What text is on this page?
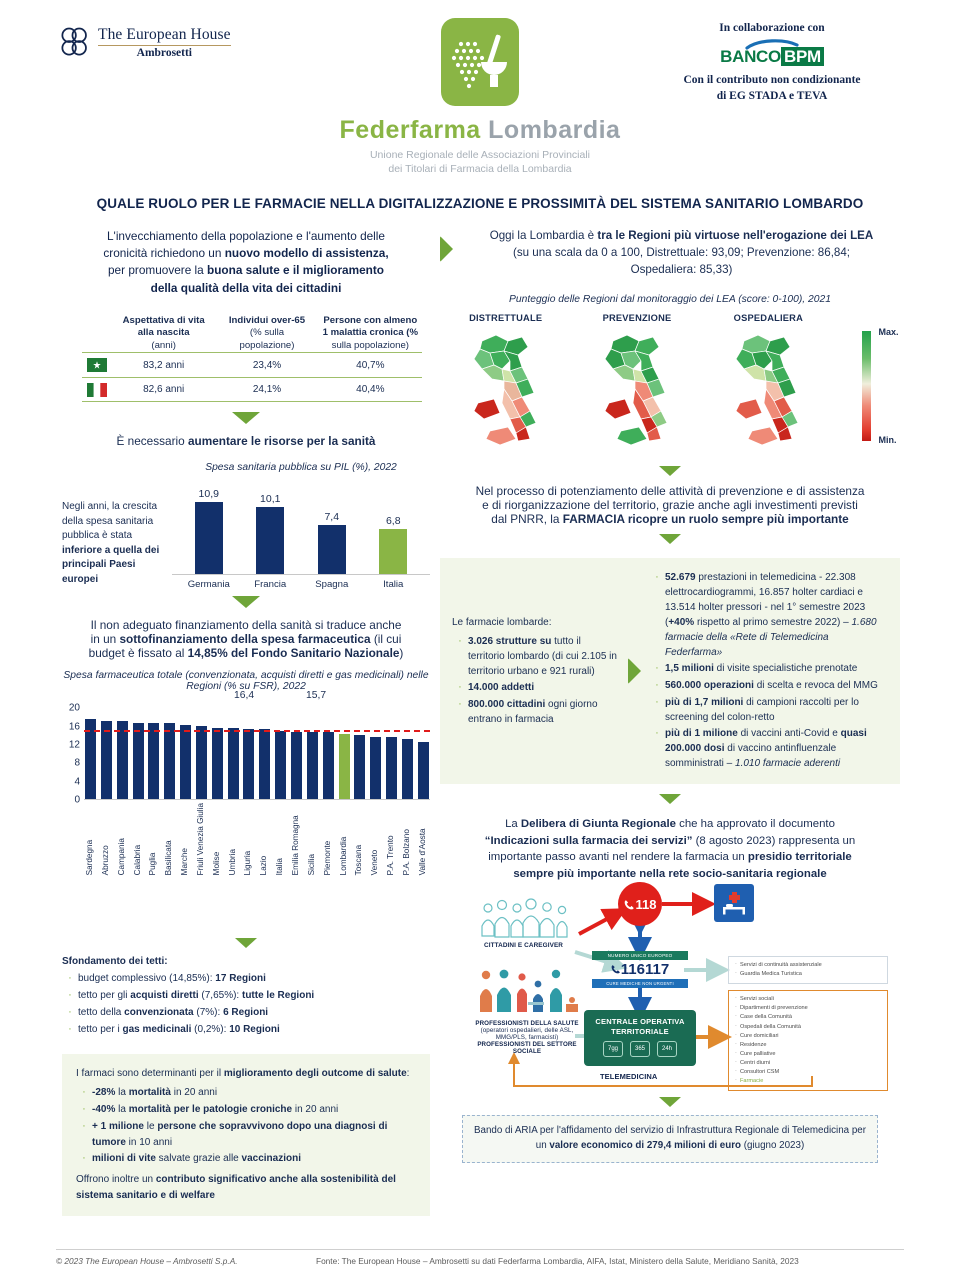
The European House
Ambrosetti
Federfarma Lombardia
Unione Regionale delle Associazioni Provinciali
dei Titolari di Farmacia della Lombardia
In collaborazione con
BANCO BPM
Con il contributo non condizionante
di EG STADA e TEVA
QUALE RUOLO PER LE FARMACIE NELLA DIGITALIZZAZIONE E PROSSIMITÀ DEL SISTEMA SANITARIO LOMBARDO
L'invecchiamento della popolazione e l'aumento delle
cronicità richiedono un nuovo modello di assistenza,
per promuovere la buona salute e il miglioramento
della qualità della vita dei cittadini
Aspettativa di vita
alla nascita
(anni)
Individui over-65
(% sulla
popolazione)
Persone con almeno
1 malattia cronica (%
sulla popolazione)
83,2 anni	23,4%	40,7%
82,6 anni	24,1%	40,4%
È necessario aumentare le risorse per la sanità
Negli anni, la crescita della spesa sanitaria pubblica è stata inferiore a quella dei principali Paesi europei
Spesa sanitaria pubblica su PIL (%), 2022
10,9	10,1
7,4	6,8
Germania	Francia	Spagna	Italia
Il non adeguato finanziamento della sanità si traduce anche
in un sottofinanziamento della spesa farmaceutica (il cui
budget è fissato al 14,85% del Fondo Sanitario Nazionale)
Spesa farmaceutica totale (convenzionata, acquisti diretti e gas medicinali) nelle Regioni (% su FSR), 2022
16,4	15,7
20
16
12
8
4
0
Sardegna Abruzzo Campania Calabria Puglia Basilicata Marche Friuli Venezia Giulia Molise Umbria Liguria Lazio Italia Emilia Romagna Sicilia Piemonte Lombardia Toscana Veneto P.A. Trento P.A. Bolzano Valle d'Aosta
Sfondamento dei tetti:
· budget complessivo (14,85%): 17 Regioni
· tetto per gli acquisti diretti (7,65%): tutte le Regioni
· tetto della convenzionata (7%): 6 Regioni
· tetto per i gas medicinali (0,2%): 10 Regioni
I farmaci sono determinanti per il miglioramento degli outcome di salute:
· -28% la mortalità in 20 anni
· -40% la mortalità per le patologie croniche in 20 anni
· + 1 milione le persone che sopravvivono dopo una diagnosi di tumore in 10 anni
· milioni di vite salvate grazie alle vaccinazioni
Offrono inoltre un contributo significativo anche alla sostenibilità del sistema sanitario e di welfare
Oggi la Lombardia è tra le Regioni più virtuose nell'erogazione dei LEA
(su una scala da 0 a 100, Distrettuale: 93,09; Prevenzione: 86,84;
Ospedaliera: 85,33)
Punteggio delle Regioni dal monitoraggio dei LEA (score: 0-100), 2021
DISTRETTUALE	PREVENZIONE	OSPEDALIERA
Max.
Min.
Nel processo di potenziamento delle attività di prevenzione e di assistenza
e di riorganizzazione del territorio, grazie anche agli investimenti previsti
dal PNRR, la FARMACIA ricopre un ruolo sempre più importante
Le farmacie lombarde:
· 3.026 strutture su tutto il territorio lombardo (di cui 2.105 in territorio urbano e 921 rurali)
· 14.000 addetti
· 800.000 cittadini ogni giorno entrano in farmacia
· 52.679 prestazioni in telemedicina - 22.308 elettrocardiogrammi, 16.857 holter cardiaci e 13.514 holter pressori - nel 1° semestre 2023 (+40% rispetto al primo semestre 2022) – 1.680 farmacie della «Rete di Telemedicina Federfarma»
· 1,5 milioni di visite specialistiche prenotate
· 560.000 operazioni di scelta e revoca del MMG
· più di 1,7 milioni di campioni raccolti per lo screening del colon-retto
· più di 1 milione di vaccini anti-Covid e quasi 200.000 dosi di vaccino antinfluenzale somministrati – 1.010 farmacie aderenti
La Delibera di Giunta Regionale che ha approvato il documento
“Indicazioni sulla farmacia dei servizi” (8 agosto 2023) rappresenta un
importante passo avanti nel rendere la farmacia un presidio territoriale
sempre più importante nella rete socio-sanitaria regionale
118
NUMERO UNICO EUROPEO
116117
CURE MEDICHE NON URGENTI
CENTRALE OPERATIVA
TERRITORIALE
7gg	365	24h
TELEMEDICINA
· Servizi di continuità assistenziale
· Guardia Medica Turistica
· Servizi sociali
· Dipartimenti di prevenzione
· Case della Comunità
· Ospedali della Comunità
· Cure domiciliari
· Residenze
· Cure palliative
· Centri diurni
· Consultori CSM
· Farmacie
CITTADINI E CAREGIVER
PROFESSIONISTI DELLA SALUTE
(operatori ospedalieri, delle ASL,
MMG/PLS, farmacisti)
PROFESSIONISTI DEL SETTORE SOCIALE
Bando di ARIA per l'affidamento del servizio di Infrastruttura Regionale di Telemedicina per un valore economico di 279,4 milioni di euro (giugno 2023)
© 2023 The European House – Ambrosetti S.p.A.	Fonte: The European House – Ambrosetti su dati Federfarma Lombardia, AIFA, Istat, Ministero della Salute, Meridiano Sanità, 2023
